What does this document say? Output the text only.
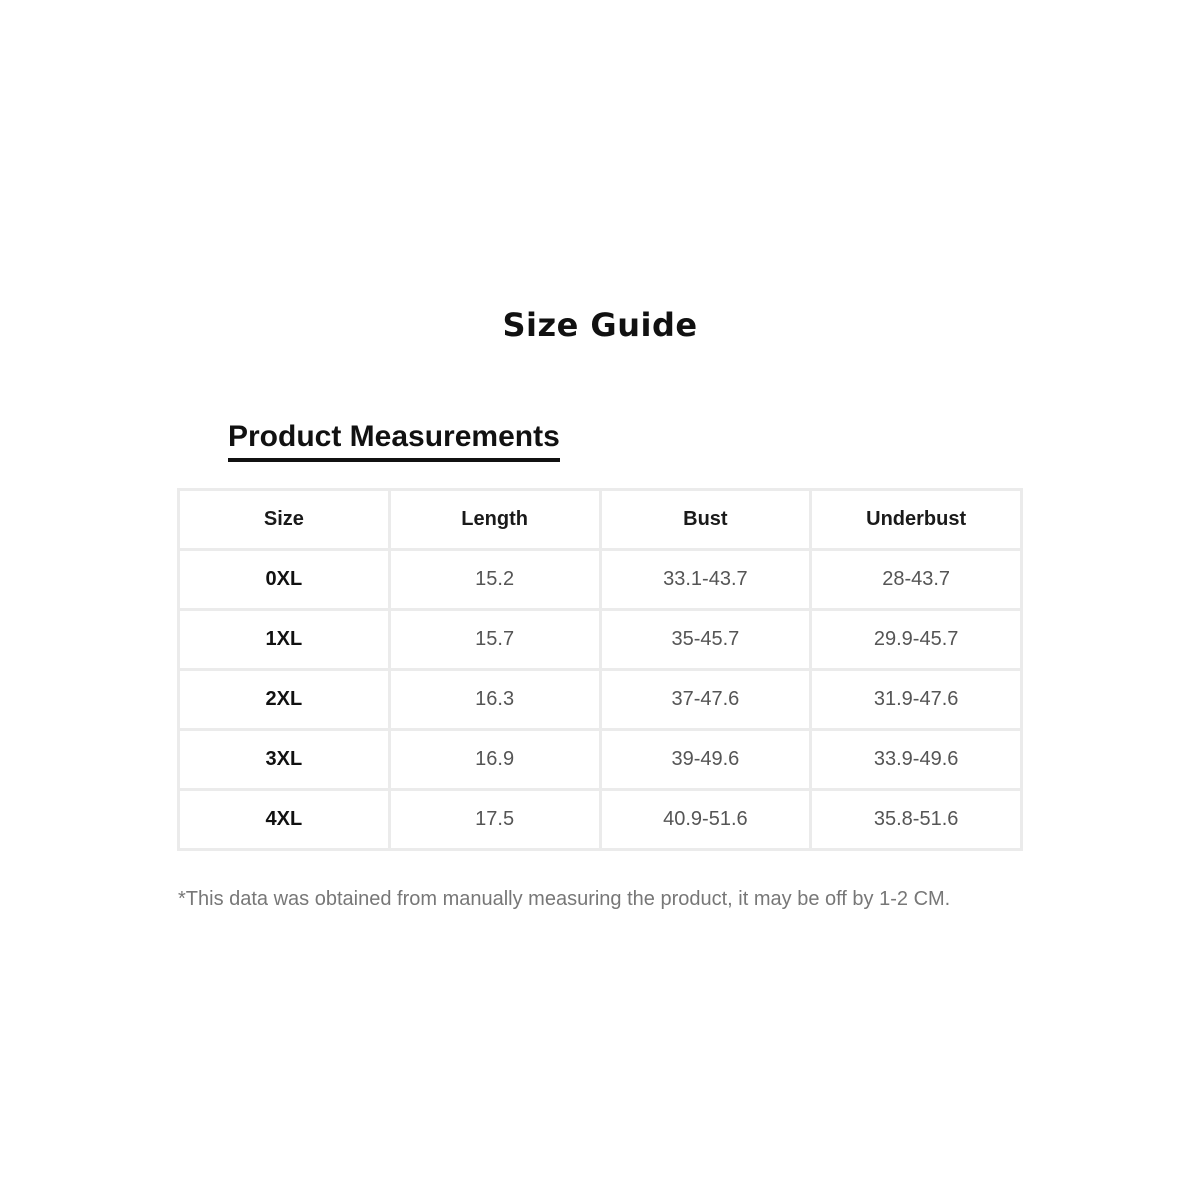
Size Guide
Product Measurements
Size	Length	Bust	Underbust
0XL	15.2	33.1-43.7	28-43.7
1XL	15.7	35-45.7	29.9-45.7
2XL	16.3	37-47.6	31.9-47.6
3XL	16.9	39-49.6	33.9-49.6
4XL	17.5	40.9-51.6	35.8-51.6
*This data was obtained from manually measuring the product, it may be off by 1-2 CM.
